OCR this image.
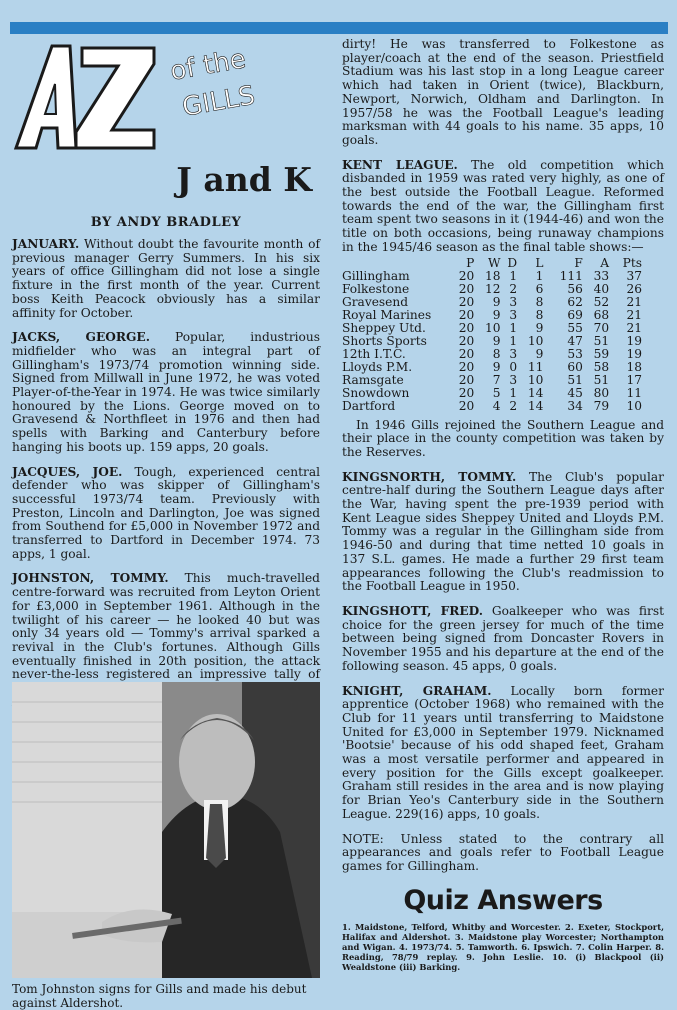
of the
GILLS
J and K
BY ANDY BRADLEY

JANUARY. Without doubt the favourite month of previous manager Gerry Summers. In his six years of office Gillingham did not lose a single fixture in the first month of the year. Current boss Keith Peacock obviously has a similar affinity for October.

JACKS, GEORGE. Popular, industrious midfielder who was an integral part of Gillingham's 1973/74 promotion winning side. Signed from Millwall in June 1972, he was voted Player-of-the-Year in 1974. He was twice similarly honoured by the Lions. George moved on to Gravesend & Northfleet in 1976 and then had spells with Barking and Canterbury before hanging his boots up. 159 apps, 20 goals.

JACQUES, JOE. Tough, experienced central defender who was skipper of Gillingham's successful 1973/74 team. Previously with Preston, Lincoln and Darlington, Joe was signed from Southend for £5,000 in November 1972 and transferred to Dartford in December 1974. 73 apps, 1 goal.

JOHNSTON, TOMMY. This much-travelled centre-forward was recruited from Leyton Orient for £3,000 in September 1961. Although in the twilight of his career — he looked 40 but was only 34 years old — Tommy's arrival sparked a revival in the Club's fortunes. Although Gills eventually finished in 20th position, the attack never-the-less registered an impressive tally of

Tom Johnston signs for Gills and made his debut against Aldershot.

dirty! He was transferred to Folkestone as player/coach at the end of the season. Priestfield Stadium was his last stop in a long League career which had taken in Orient (twice), Blackburn, Newport, Norwich, Oldham and Darlington. In 1957/58 he was the Football League's leading marksman with 44 goals to his name. 35 apps, 10 goals.

KENT LEAGUE. The old competition which disbanded in 1959 was rated very highly, as one of the best outside the Football League. Reformed towards the end of the war, the Gillingham first team spent two seasons in it (1944-46) and won the title on both occasions, being runaway champions in the 1945/46 season as the final table shows:—

	P	W	D	L	F	A	Pts
Gillingham	20	18	1	1	111	33	37
Folkestone	20	12	2	6	56	40	26
Gravesend	20	9	3	8	62	52	21
Royal Marines	20	9	3	8	69	68	21
Sheppey Utd.	20	10	1	9	55	70	21
Shorts Sports	20	9	1	10	47	51	19
12th I.T.C.	20	8	3	9	53	59	19
Lloyds P.M.	20	9	0	11	60	58	18
Ramsgate	20	7	3	10	51	51	17
Snowdown	20	5	1	14	45	80	11
Dartford	20	4	2	14	34	79	10

In 1946 Gills rejoined the Southern League and their place in the county competition was taken by the Reserves.

KINGSNORTH, TOMMY. The Club's popular centre-half during the Southern League days after the War, having spent the pre-1939 period with Kent League sides Sheppey United and Lloyds P.M. Tommy was a regular in the Gillingham side from 1946-50 and during that time netted 10 goals in 137 S.L. games. He made a further 29 first team appearances following the Club's readmission to the Football League in 1950.

KINGSHOTT, FRED. Goalkeeper who was first choice for the green jersey for much of the time between being signed from Doncaster Rovers in November 1955 and his departure at the end of the following season. 45 apps, 0 goals.

KNIGHT, GRAHAM. Locally born former apprentice (October 1968) who remained with the Club for 11 years until transferring to Maidstone United for £3,000 in September 1979. Nicknamed 'Bootsie' because of his odd shaped feet, Graham was a most versatile performer and appeared in every position for the Gills except goalkeeper. Graham still resides in the area and is now playing for Brian Yeo's Canterbury side in the Southern League. 229(16) apps, 10 goals.

NOTE: Unless stated to the contrary all appearances and goals refer to Football League games for Gillingham.

Quiz Answers

1. Maidstone, Telford, Whitby and Worcester. 2. Exeter, Stockport, Halifax and Aldershot. 3. Maidstone play Worcester; Northampton and Wigan. 4. 1973/74. 5. Tamworth. 6. Ipswich. 7. Colin Harper. 8. Reading, 78/79 replay. 9. John Leslie. 10. (i) Blackpool (ii) Wealdstone (iii) Barking.
